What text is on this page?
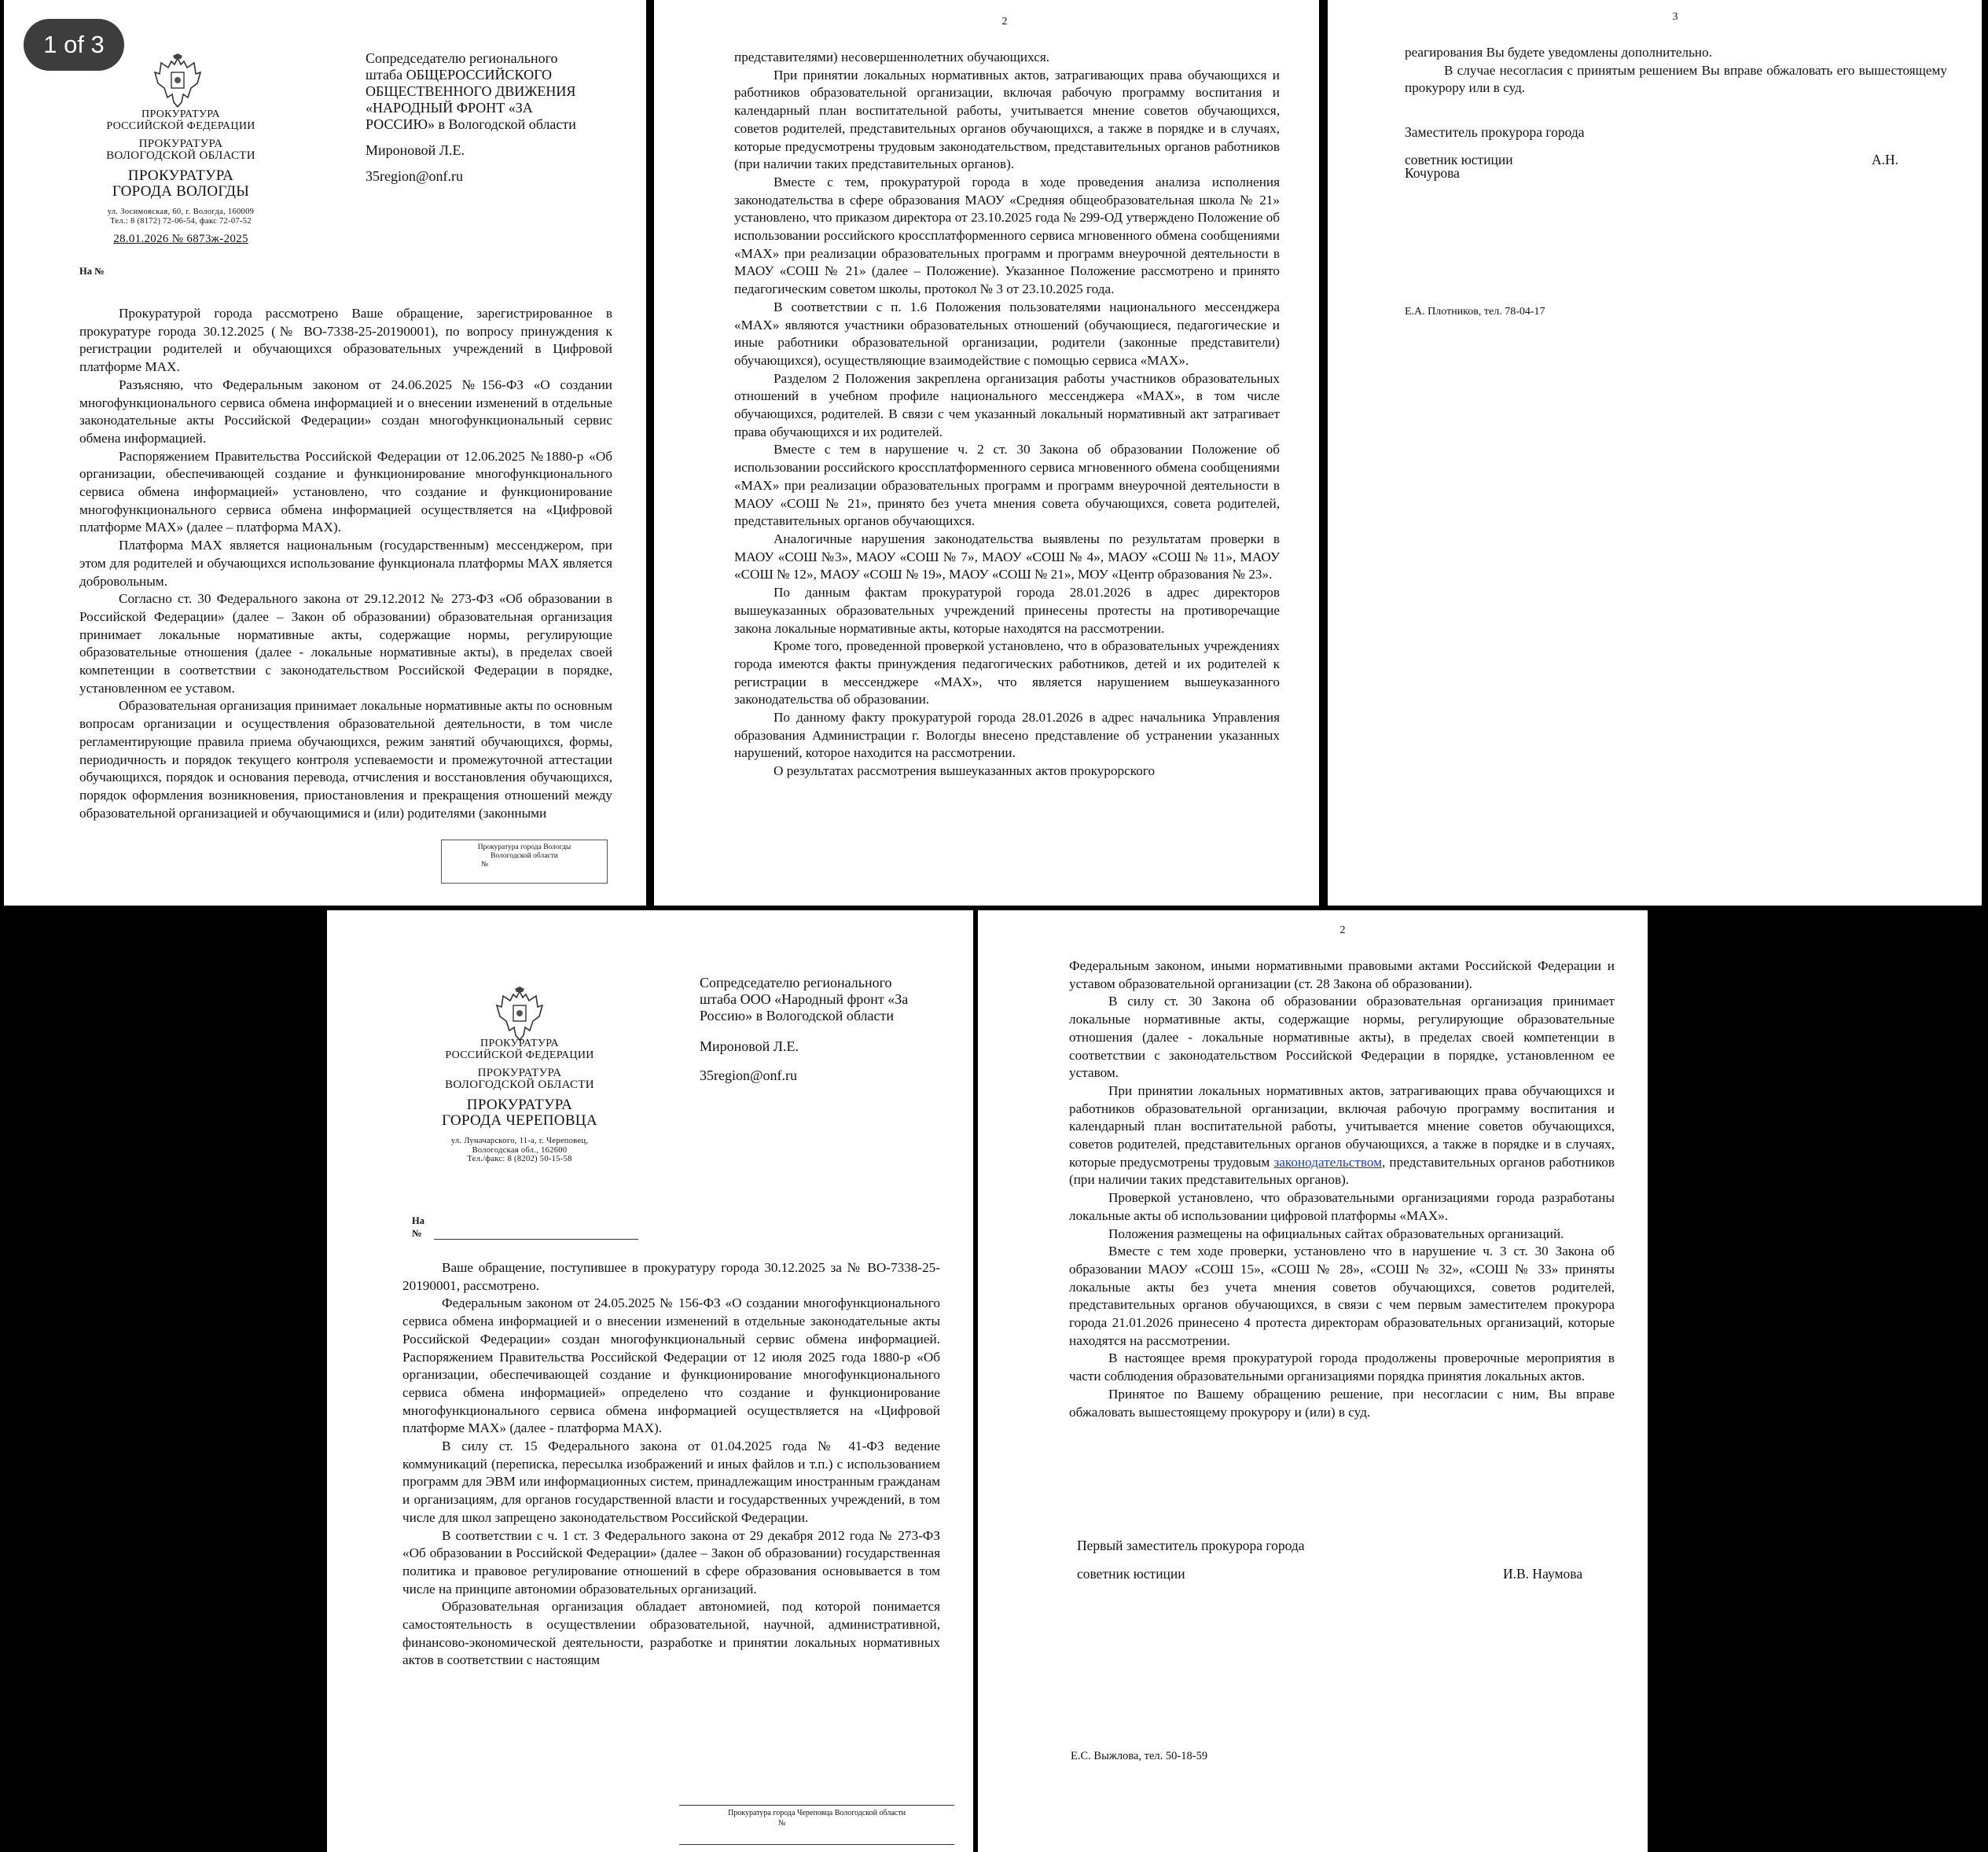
ПРОКУРАТУРА
РОССИЙСКОЙ ФЕДЕРАЦИИ
ПРОКУРАТУРА
ВОЛОГОДСКОЙ ОБЛАСТИ
ПРОКУРАТУРА
ГОРОДА ВОЛОГДЫ
ул. Зосимовская, 60, г. Вологда, 160009
Тел.: 8 (8172) 72-06-54, факс 72-07-52
28.01.2026 № 6873ж-2025
На №
Сопредседателю регионального
штаба ОБЩЕРОССИЙСКОГО
ОБЩЕСТВЕННОГО ДВИЖЕНИЯ
«НАРОДНЫЙ ФРОНТ «ЗА
РОССИЮ» в Вологодской области
Мироновой Л.Е.
35region@onf.ru

Прокуратурой города рассмотрено Ваше обращение, зарегистрированное в прокуратуре города 30.12.2025 (№ ВО-7338-25-20190001), по вопросу принуждения к регистрации родителей и обучающихся образовательных учреждений в Цифровой платформе МАХ.

Разъясняю, что Федеральным законом от 24.06.2025 №156-ФЗ «О создании многофункционального сервиса обмена информацией и о внесении изменений в отдельные законодательные акты Российской Федерации» создан многофункциональный сервис обмена информацией.

Распоряжением Правительства Российской Федерации от 12.06.2025 №1880-р «Об организации, обеспечивающей создание и функционирование многофункционального сервиса обмена информацией» установлено, что создание и функционирование многофункционального сервиса обмена информацией осуществляется на «Цифровой платформе МАХ» (далее – платформа МАХ).

Платформа МАХ является национальным (государственным) мессенджером, при этом для родителей и обучающихся использование функционала платформы МАХ является добровольным.

Согласно ст. 30 Федерального закона от 29.12.2012 № 273-ФЗ «Об образовании в Российской Федерации» (далее – Закон об образовании) образовательная организация принимает локальные нормативные акты, содержащие нормы, регулирующие образовательные отношения (далее - локальные нормативные акты), в пределах своей компетенции в соответствии с законодательством Российской Федерации в порядке, установленном ее уставом.

Образовательная организация принимает локальные нормативные акты по основным вопросам организации и осуществления образовательной деятельности, в том числе регламентирующие правила приема обучающихся, режим занятий обучающихся, формы, периодичность и порядок текущего контроля успеваемости и промежуточной аттестации обучающихся, порядок и основания перевода, отчисления и восстановления обучающихся, порядок оформления возникновения, приостановления и прекращения отношений между образовательной организацией и обучающимися и (или) родителями (законными

Прокуратура города Вологды
Вологодской области
№
1 of 3
2

представителями) несовершеннолетних обучающихся.

При принятии локальных нормативных актов, затрагивающих права обучающихся и работников образовательной организации, включая рабочую программу воспитания и календарный план воспитательной работы, учитывается мнение советов обучающихся, советов родителей, представительных органов обучающихся, а также в порядке и в случаях, которые предусмотрены трудовым законодательством, представительных органов работников (при наличии таких представительных органов).

Вместе с тем, прокуратурой города в ходе проведения анализа исполнения законодательства в сфере образования МАОУ «Средняя общеобразовательная школа № 21» установлено, что приказом директора от 23.10.2025 года № 299-ОД утверждено Положение об использовании российского кроссплатформенного сервиса мгновенного обмена сообщениями «МАХ» при реализации образовательных программ и программ внеурочной деятельности в МАОУ «СОШ № 21» (далее – Положение). Указанное Положение рассмотрено и принято педагогическим советом школы, протокол № 3 от 23.10.2025 года.

В соответствии с п. 1.6 Положения пользователями национального мессенджера «МАХ» являются участники образовательных отношений (обучающиеся, педагогические и иные работники образовательной организации, родители (законные представители) обучающихся), осуществляющие взаимодействие с помощью сервиса «МАХ».

Разделом 2 Положения закреплена организация работы участников образовательных отношений в учебном профиле национального мессенджера «МАХ», в том числе обучающихся, родителей. В связи с чем указанный локальный нормативный акт затрагивает права обучающихся и их родителей.

Вместе с тем в нарушение ч. 2 ст. 30 Закона об образовании Положение об использовании российского кроссплатформенного сервиса мгновенного обмена сообщениями «МАХ» при реализации образовательных программ и программ внеурочной деятельности в МАОУ «СОШ № 21», принято без учета мнения совета обучающихся, совета родителей, представительных органов обучающихся.

Аналогичные нарушения законодательства выявлены по результатам проверки в МАОУ «СОШ №3», МАОУ «СОШ № 7», МАОУ «СОШ № 4», МАОУ «СОШ № 11», МАОУ «СОШ № 12», МАОУ «СОШ № 19», МАОУ «СОШ № 21», МОУ «Центр образования № 23».

По данным фактам прокуратурой города 28.01.2026 в адрес директоров вышеуказанных образовательных учреждений принесены протесты на противоречащие закона локальные нормативные акты, которые находятся на рассмотрении.

Кроме того, проведенной проверкой установлено, что в образовательных учреждениях города имеются факты принуждения педагогических работников, детей и их родителей к регистрации в мессенджере «МАХ», что является нарушением вышеуказанного законодательства об образовании.

По данному факту прокуратурой города 28.01.2026 в адрес начальника Управления образования Администрации г. Вологды внесено представление об устранении указанных нарушений, которое находится на рассмотрении.

О результатах рассмотрения вышеуказанных актов прокурорского

3

реагирования Вы будете уведомлены дополнительно.

В случае несогласия с принятым решением Вы вправе обжаловать его вышестоящему прокурору или в суд.

Заместитель прокурора города
советник юстиции	А.Н.
Кочурова
Е.А. Плотников, тел. 78-04-17
ПРОКУРАТУРА
РОССИЙСКОЙ ФЕДЕРАЦИИ
ПРОКУРАТУРА
ВОЛОГОДСКОЙ ОБЛАСТИ
ПРОКУРАТУРА
ГОРОДА ЧЕРЕПОВЦА
ул. Луначарского, 11-а, г. Череповец,
Вологодская обл., 162600
Тел./факс: 8 (8202) 50-15-58
На
№
Сопредседателю регионального
штаба ООО «Народный фронт «За
Россию» в Вологодской области
Мироновой Л.Е.
35region@onf.ru

Ваше обращение, поступившее в прокуратуру города 30.12.2025 за № ВО-7338-25-20190001, рассмотрено.

Федеральным законом от 24.05.2025 № 156-ФЗ «О создании многофункционального сервиса обмена информацией и о внесении изменений в отдельные законодательные акты Российской Федерации» создан многофункциональный сервис обмена информацией. Распоряжением Правительства Российской Федерации от 12 июля 2025 года 1880-р «Об организации, обеспечивающей создание и функционирование многофункционального сервиса обмена информацией» определено что создание и функционирование многофункционального сервиса обмена информацией осуществляется на «Цифровой платформе МАХ» (далее - платформа МАХ).

В силу ст. 15 Федерального закона от 01.04.2025 года № 41-ФЗ ведение коммуникаций (переписка, пересылка изображений и иных файлов и т.п.) с использованием программ для ЭВМ или информационных систем, принадлежащим иностранным гражданам и организациям, для органов государственной власти и государственных учреждений, в том числе для школ запрещено законодательством Российской Федерации.

В соответствии с ч. 1 ст. 3 Федерального закона от 29 декабря 2012 года № 273-ФЗ «Об образовании в Российской Федерации» (далее – Закон об образовании) государственная политика и правовое регулирование отношений в сфере образования основывается в том числе на принципе автономии образовательных организаций.

Образовательная организация обладает автономией, под которой понимается самостоятельность в осуществлении образовательной, научной, административной, финансово-экономической деятельности, разработке и принятии локальных нормативных актов в соответствии с настоящим

Прокуратура города Череповца Вологодской области
№
2

Федеральным законом, иными нормативными правовыми актами Российской Федерации и уставом образовательной организации (ст. 28 Закона об образовании).

В силу ст. 30 Закона об образовании образовательная организация принимает локальные нормативные акты, содержащие нормы, регулирующие образовательные отношения (далее - локальные нормативные акты), в пределах своей компетенции в соответствии с законодательством Российской Федерации в порядке, установленном ее уставом.

При принятии локальных нормативных актов, затрагивающих права обучающихся и работников образовательной организации, включая рабочую программу воспитания и календарный план воспитательной работы, учитывается мнение советов обучающихся, советов родителей, представительных органов обучающихся, а также в порядке и в случаях, которые предусмотрены трудовым законодательством, представительных органов работников (при наличии таких представительных органов).

Проверкой установлено, что образовательными организациями города разработаны локальные акты об использовании цифровой платформы «МАХ».

Положения размещены на официальных сайтах образовательных организаций.

Вместе с тем ходе проверки, установлено что в нарушение ч. 3 ст. 30 Закона об образовании МАОУ «СОШ 15», «СОШ № 28», «СОШ № 32», «СОШ № 33» приняты локальные акты без учета мнения советов обучающихся, советов родителей, представительных органов обучающихся, в связи с чем первым заместителем прокурора города 21.01.2026 принесено 4 протеста директорам образовательных организаций, которые находятся на рассмотрении.

В настоящее время прокуратурой города продолжены проверочные мероприятия в части соблюдения образовательными организациями порядка принятия локальных актов.

Принятое по Вашему обращению решение, при несогласии с ним, Вы вправе обжаловать вышестоящему прокурору и (или) в суд.

Первый заместитель прокурора города
советник юстиции	И.В. Наумова
Е.С. Выжлова, тел. 50-18-59
